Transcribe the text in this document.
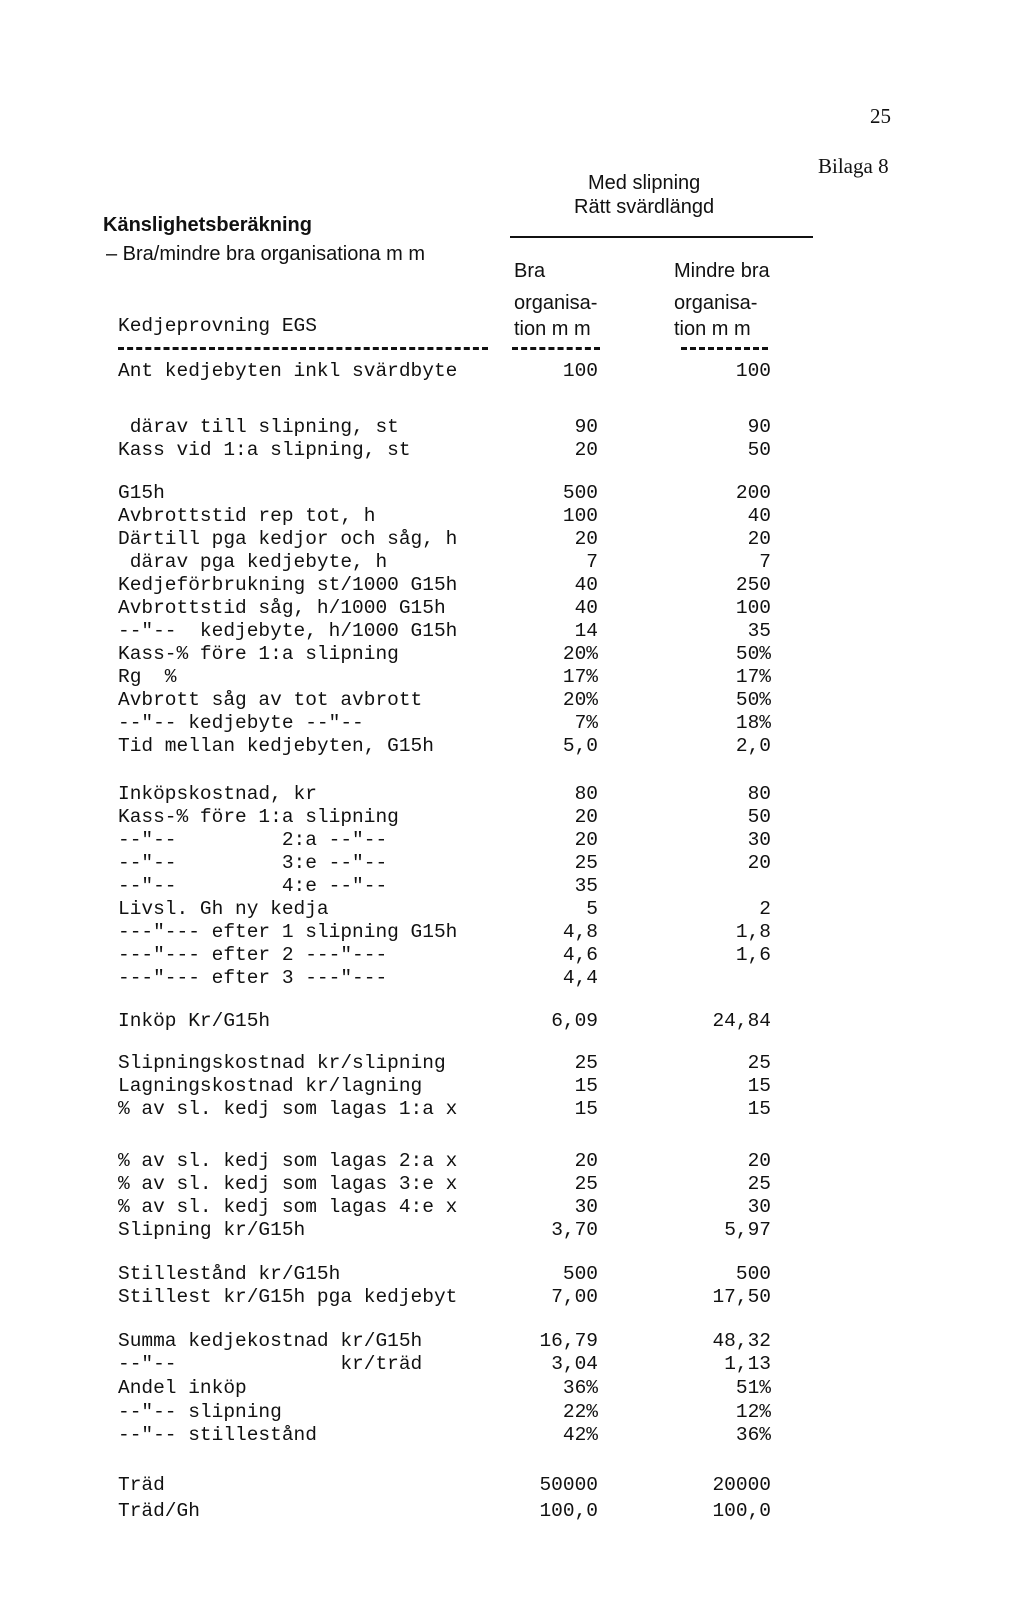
25
Bilaga 8
Med slipning
Rätt svärdlängd
Känslighetsberäkning
– Bra/mindre bra organisationa m m
Bra
organisa-
tion m m
Mindre bra
organisa-
tion m m
Kedjeprovning EGS
Ant kedjebyten inkl svärdbyte	100	100
därav till slipning, st	90	90
Kass vid 1:a slipning, st	20	50
G15h	500	200
Avbrottstid rep tot, h	100	40
Därtill pga kedjor och såg, h	20	20
därav pga kedjebyte, h	7	7
Kedjeförbrukning st/1000 G15h	40	250
Avbrottstid såg, h/1000 G15h	40	100
--"--  kedjebyte, h/1000 G15h	14	35
Kass-% före 1:a slipning	20%	50%
Rg  %	17%	17%
Avbrott såg av tot avbrott	20%	50%
--"-- kedjebyte --"--	7%	18%
Tid mellan kedjebyten, G15h	5,0	2,0
Inköpskostnad, kr	80	80
Kass-% före 1:a slipning	20	50
--"--         2:a --"--	20	30
--"--         3:e --"--	25	20
--"--         4:e --"--	35
Livsl. Gh ny kedja	5	2
---"--- efter 1 slipning G15h	4,8	1,8
---"--- efter 2 ---"---	4,6	1,6
---"--- efter 3 ---"---	4,4
Inköp Kr/G15h	6,09	24,84
Slipningskostnad kr/slipning	25	25
Lagningskostnad kr/lagning	15	15
% av sl. kedj som lagas 1:a x	15	15
% av sl. kedj som lagas 2:a x	20	20
% av sl. kedj som lagas 3:e x	25	25
% av sl. kedj som lagas 4:e x	30	30
Slipning kr/G15h	3,70	5,97
Stillestånd kr/G15h	500	500
Stillest kr/G15h pga kedjebyt	7,00	17,50
Summa kedjekostnad kr/G15h	16,79	48,32
--"--              kr/träd	3,04	1,13
Andel inköp	36%	51%
--"-- slipning	22%	12%
--"-- stillestånd	42%	36%
Träd	50000	20000
Träd/Gh	100,0	100,0
